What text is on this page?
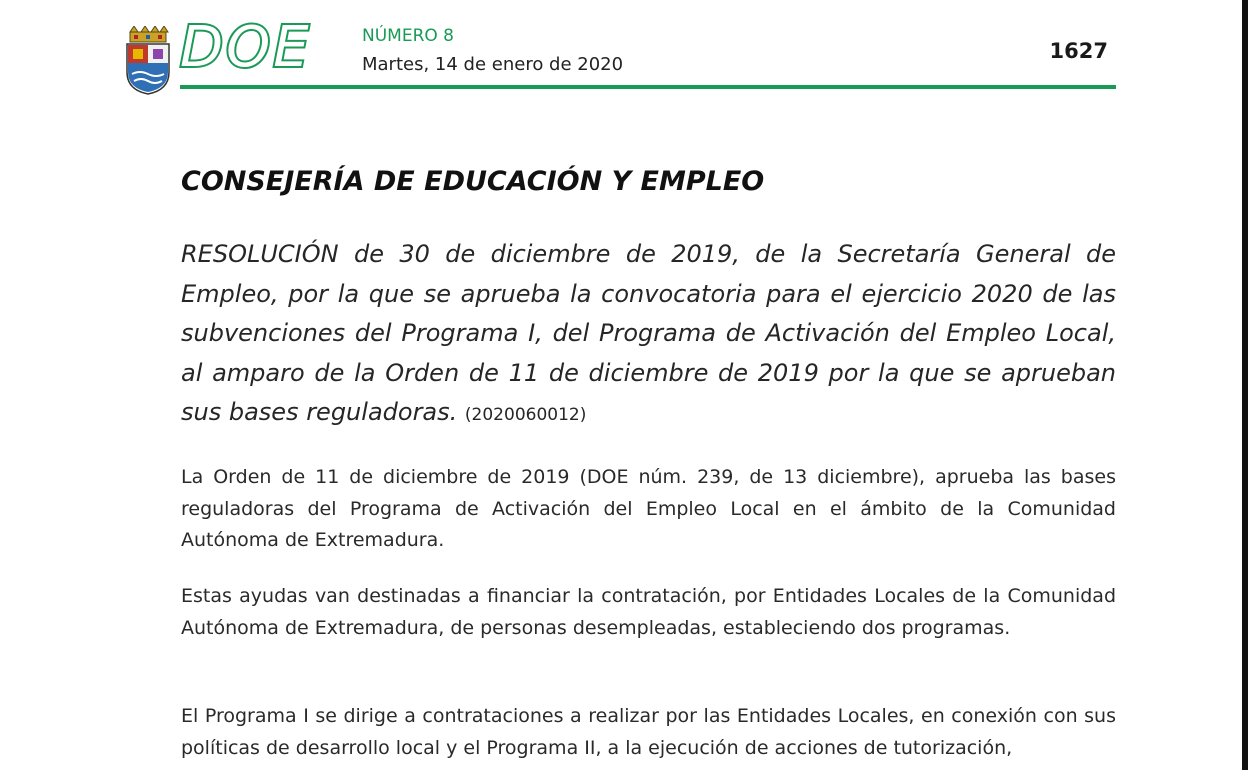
DOE	NÚMERO 8
Martes, 14 de enero de 2020
1627
CONSEJERÍA DE EDUCACIÓN Y EMPLEO

RESOLUCIÓN de 30 de diciembre de 2019, de la Secretaría General de Empleo, por la que se aprueba la convocatoria para el ejercicio 2020 de las subvenciones del Programa I, del Programa de Activación del Empleo Local, al amparo de la Orden de 11 de diciembre de 2019 por la que se aprueban sus bases reguladoras. (2020060012)

La Orden de 11 de diciembre de 2019 (DOE núm. 239, de 13 diciembre), aprueba las bases reguladoras del Programa de Activación del Empleo Local en el ámbito de la Comunidad Autónoma de Extremadura.

Estas ayudas van destinadas a financiar la contratación, por Entidades Locales de la Comunidad Autónoma de Extremadura, de personas desempleadas, estableciendo dos programas.

El Programa I se dirige a contrataciones a realizar por las Entidades Locales, en conexión con sus políticas de desarrollo local y el Programa II, a la ejecución de acciones de tutorización,
